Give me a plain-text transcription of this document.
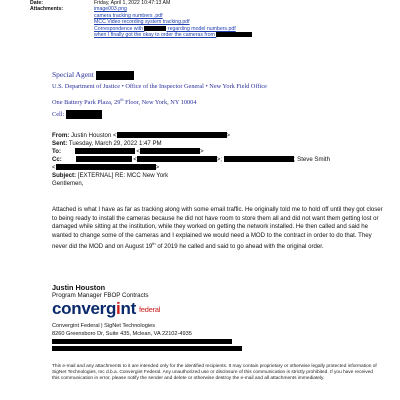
Date:	Friday, April 1, 2022 10:47:13 AM
Attachments:	image003.png
camera tracking numbers .pdf
MCC Video recording system tracking.pdf
Correspondence with	regarding model numbers.pdf
when I finally got the okay to order the cameras from
Special Agent
U.S. Department of Justice • Office of the Inspector General • New York Field Office
One Battery Park Plaza, 29th Floor, New York, NY 10004
Cell:
From: Justin Houston <	>
Sent: Tuesday, March 29, 2022 1:47 PM
To:	<	>
Cc:	<	>;	; Steve Smith
<	>
Subject: [EXTERNAL] RE: MCC New York
Gentlemen,
Attached is what I have as far as tracking along with some email traffic. He originally told me to hold off until they got closer to being ready to install the cameras because he did not have room to store them all and did not want them getting lost or damaged while sitting at the institution, while they worked on getting the network installed. He then called and said he wanted to change some of the cameras and I explained we would need a MOD to the contract in order to do that. They never did the MOD and on August 19th of 2019 he called and said to go ahead with the original order.
Justin Houston
Program Manager FBOP Contracts
convergint federal
Convergint Federal | SigNet Technologies
8260 Greensboro Dr, Suite 435, Mclean, VA 22102-4935
This e-mail and any attachments to it are intended only for the identified recipients. It may contain proprietary or otherwise legally protected information of SigNet Technologies, Inc d.b.a. Convergint Federal. Any unauthorized use or disclosure of this communication is strictly prohibited. If you have received this communication in error, please notify the sender and delete or otherwise destroy the e-mail and all attachments immediately.
